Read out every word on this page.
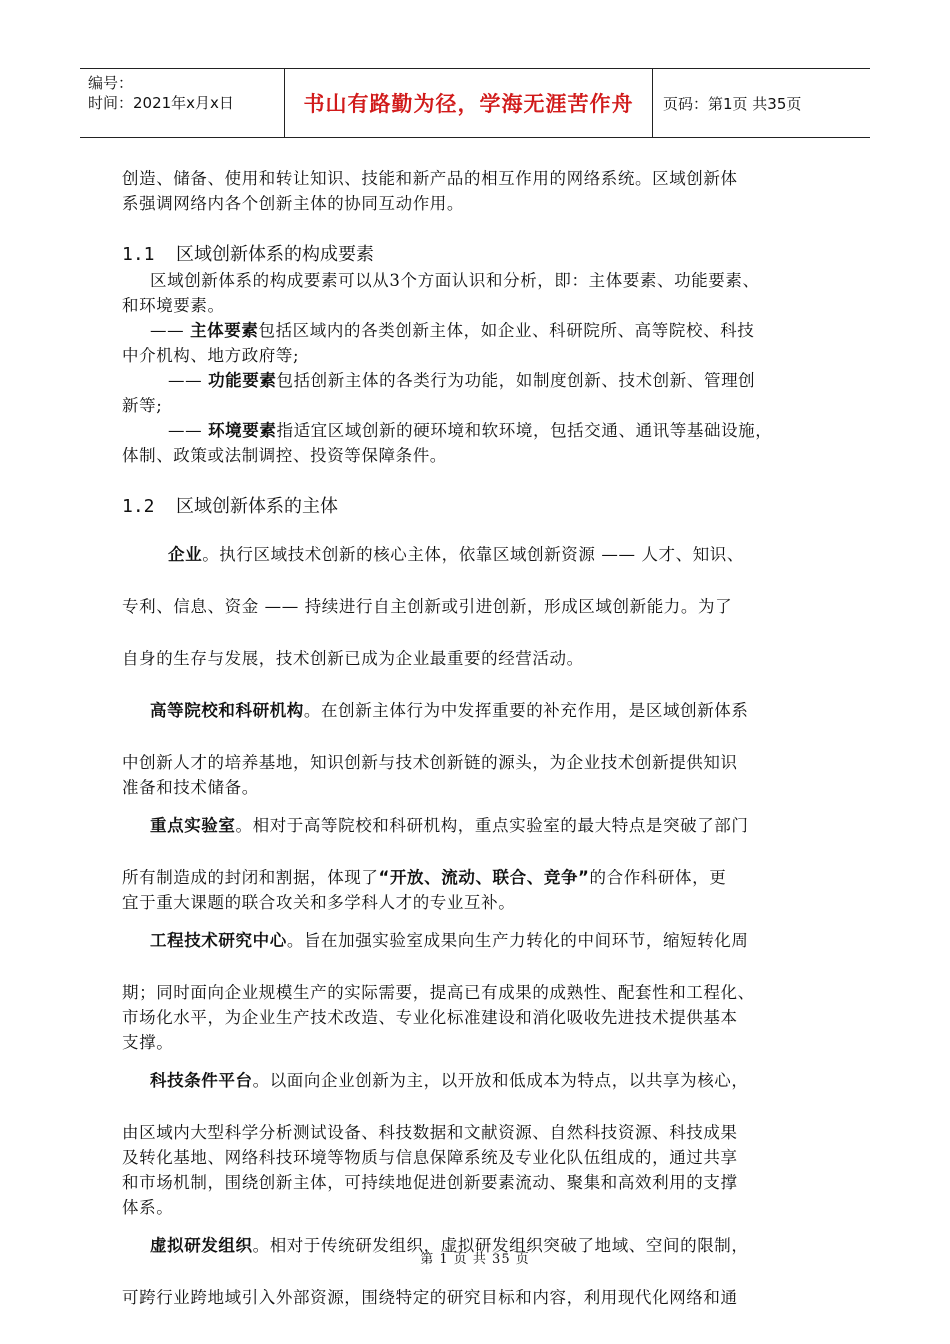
编号：
时间：2021年x月x日	书山有路勤为径，学海无涯苦作舟	页码：第1页 共35页

创造、储备、使用和转让知识、技能和新产品的相互作用的网络系统。区域创新体

系强调网络内各个创新主体的协同互动作用。

1.1	区域创新体系的构成要素

区域创新体系的构成要素可以从3个方面认识和分析，即：主体要素、功能要素、

和环境要素。

—— 主体要素包括区域内的各类创新主体，如企业、科研院所、高等院校、科技

中介机构、地方政府等;

—— 功能要素包括创新主体的各类行为功能，如制度创新、技术创新、管理创

新等;

—— 环境要素指适宜区域创新的硬环境和软环境，包括交通、通讯等基础设施，

体制、政策或法制调控、投资等保障条件。

1.2	区域创新体系的主体

企业。执行区域技术创新的核心主体，依靠区域创新资源 —— 人才、知识、

专利、信息、资金 —— 持续进行自主创新或引进创新，形成区域创新能力。为了

自身的生存与发展，技术创新已成为企业最重要的经营活动。

高等院校和科研机构。在创新主体行为中发挥重要的补充作用，是区域创新体系

中创新人才的培养基地，知识创新与技术创新链的源头，为企业技术创新提供知识

准备和技术储备。

重点实验室。相对于高等院校和科研机构，重点实验室的最大特点是突破了部门

所有制造成的封闭和割据，体现了“开放、流动、联合、竞争”的合作科研体，更

宜于重大课题的联合攻关和多学科人才的专业互补。

工程技术研究中心。旨在加强实验室成果向生产力转化的中间环节，缩短转化周

期；同时面向企业规模生产的实际需要，提高已有成果的成熟性、配套性和工程化、

市场化水平，为企业生产技术改造、专业化标准建设和消化吸收先进技术提供基本

支撑。

科技条件平台。以面向企业创新为主，以开放和低成本为特点，以共享为核心，

由区域内大型科学分析测试设备、科技数据和文献资源、自然科技资源、科技成果

及转化基地、网络科技环境等物质与信息保障系统及专业化队伍组成的，通过共享

和市场机制，围绕创新主体，可持续地促进创新要素流动、聚集和高效利用的支撑

体系。

虚拟研发组织。相对于传统研发组织，虚拟研发组织突破了地域、空间的限制，

可跨行业跨地域引入外部资源，围绕特定的研究目标和内容，利用现代化网络和通

第 1 页 共 35 页
